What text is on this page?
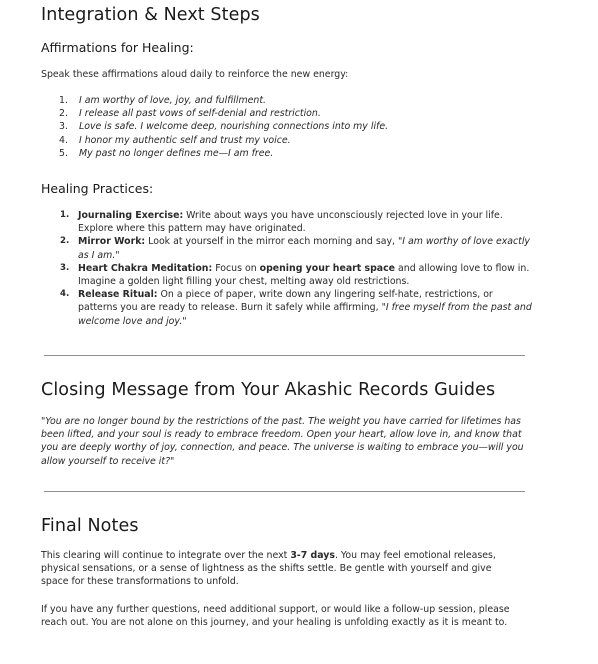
Integration & Next Steps
Affirmations for Healing:

Speak these affirmations aloud daily to reinforce the new energy:

1. I am worthy of love, joy, and fulfillment.
2. I release all past vows of self-denial and restriction.
3. Love is safe. I welcome deep, nourishing connections into my life.
4. I honor my authentic self and trust my voice.
5. My past no longer defines me—I am free.
Healing Practices:
1. Journaling Exercise: Write about ways you have unconsciously rejected love in your life. Explore where this pattern may have originated.
2. Mirror Work: Look at yourself in the mirror each morning and say, "I am worthy of love exactly as I am."
3. Heart Chakra Meditation: Focus on opening your heart space and allowing love to flow in. Imagine a golden light filling your chest, melting away old restrictions.
4. Release Ritual: On a piece of paper, write down any lingering self-hate, restrictions, or patterns you are ready to release. Burn it safely while affirming, "I free myself from the past and welcome love and joy."
Closing Message from Your Akashic Records Guides

"You are no longer bound by the restrictions of the past. The weight you have carried for lifetimes has been lifted, and your soul is ready to embrace freedom. Open your heart, allow love in, and know that you are deeply worthy of joy, connection, and peace. The universe is waiting to embrace you—will you allow yourself to receive it?"

Final Notes

This clearing will continue to integrate over the next 3-7 days. You may feel emotional releases, physical sensations, or a sense of lightness as the shifts settle. Be gentle with yourself and give space for these transformations to unfold.

If you have any further questions, need additional support, or would like a follow-up session, please reach out. You are not alone on this journey, and your healing is unfolding exactly as it is meant to.
